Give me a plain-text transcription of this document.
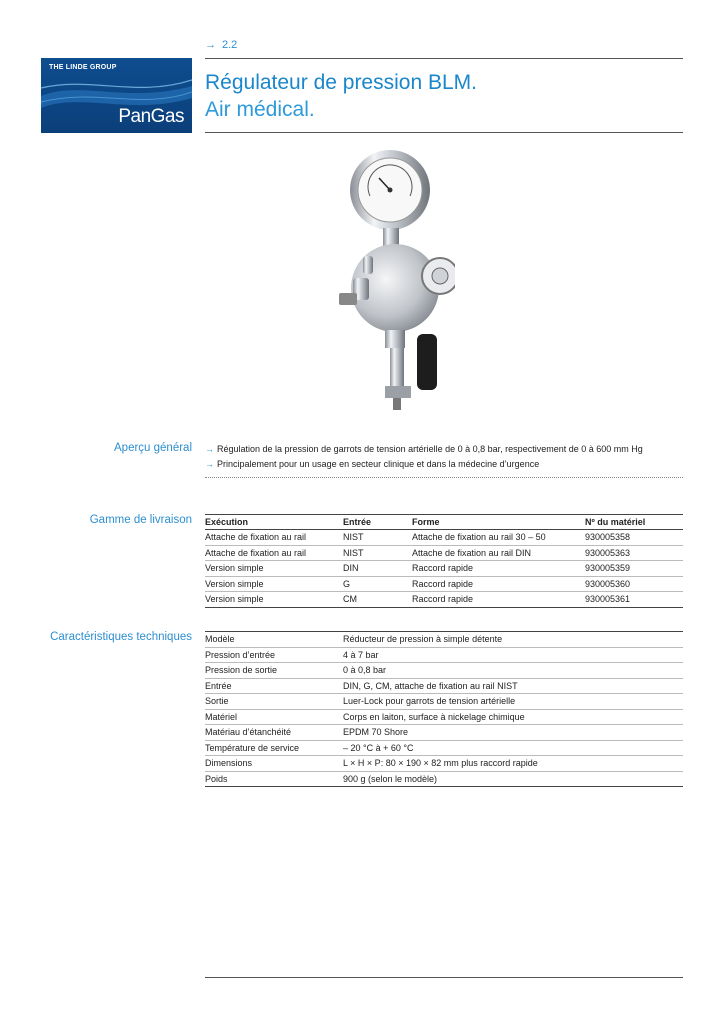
→ 2.2
THE LINDE GROUP
PanGas
Régulateur de pression BLM.
Air médical.
Aperçu général → Régulation de la pression de garrots de tension artérielle de 0 à 0,8 bar, respectivement de 0 à 600 mm Hg
→ Principalement pour un usage en secteur clinique et dans la médecine d’urgence
Gamme de livraison Exécution	Entrée	Forme	Nº du matériel
Attache de fixation au rail	NIST	Attache de fixation au rail 30 – 50	930005358
Attache de fixation au rail	NIST	Attache de fixation au rail DIN	930005363
Version simple	DIN	Raccord rapide	930005359
Version simple	G	Raccord rapide	930005360
Version simple	CM	Raccord rapide	930005361
Caractéristiques techniques Modèle	Réducteur de pression à simple détente
Pression d’entrée	4 à 7 bar
Pression de sortie	0 à 0,8 bar
Entrée	DIN, G, CM, attache de fixation au rail NIST
Sortie	Luer-Lock pour garrots de tension artérielle
Matériel	Corps en laiton, surface à nickelage chimique
Matériau d’étanchéité	EPDM 70 Shore
Température de service	– 20 °C à + 60 °C
Dimensions	L × H × P: 80 × 190 × 82 mm plus raccord rapide
Poids	900 g (selon le modèle)
